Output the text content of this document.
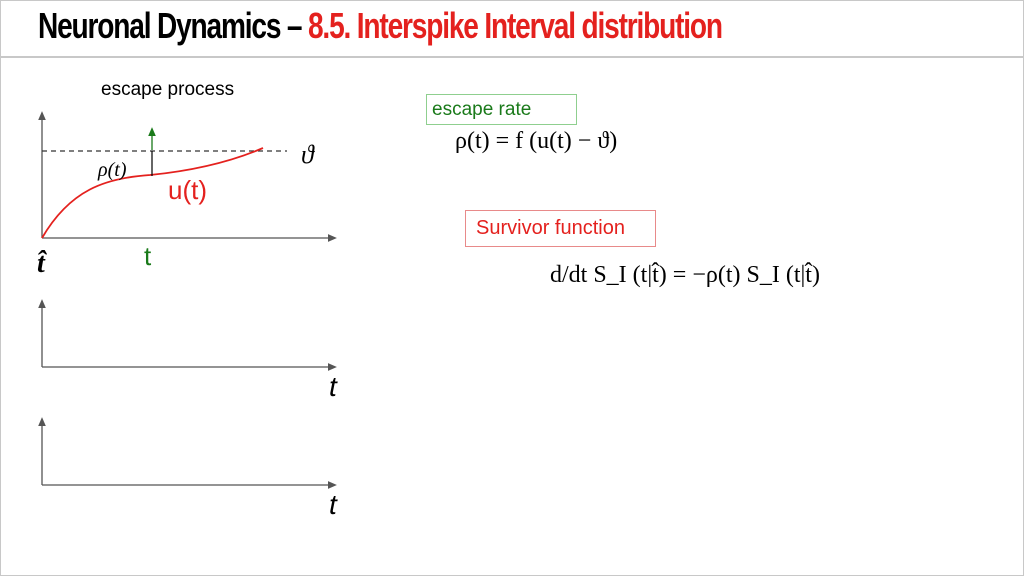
Neuronal Dynamics – 8.5. Interspike Interval distribution
escape process
ϑ
ρ(t)
u(t)
t
t̂
t
t
escape rate
ρ(t) = f (u(t) − ϑ)
Survivor function
d/dt S_I (t|t̂) = −ρ(t) S_I (t|t̂)
